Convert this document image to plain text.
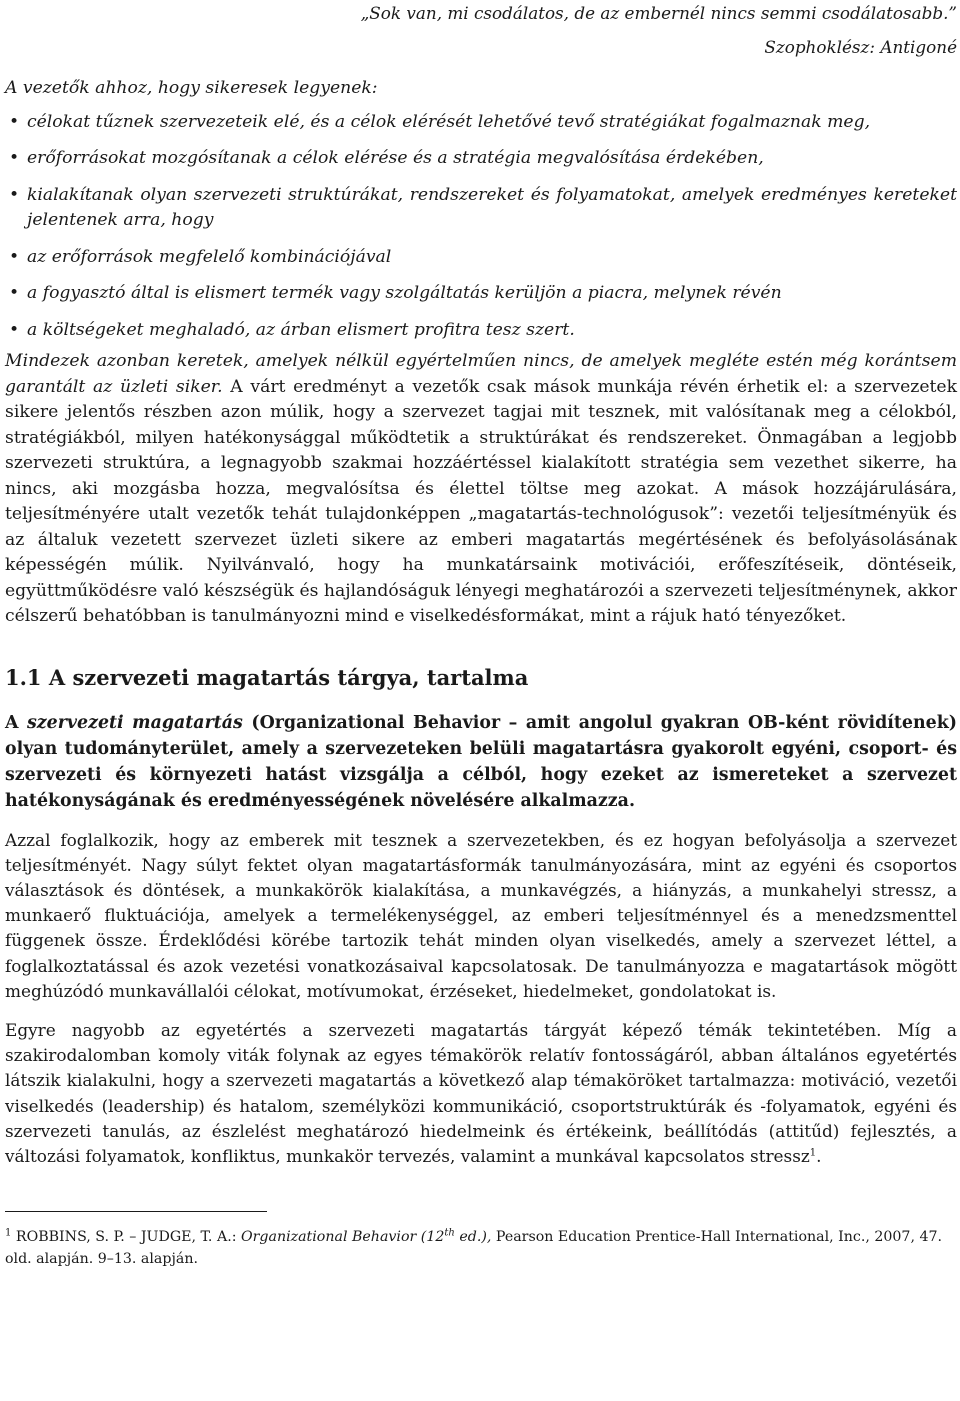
„Sok van, mi csodálatos, de az embernél nincs semmi csodálatosabb.”

Szophoklész: Antigoné

A vezetők ahhoz, hogy sikeresek legyenek:

• célokat tűznek szervezeteik elé, és a célok elérését lehetővé tevő stratégiákat fogalmaznak meg,
• erőforrásokat mozgósítanak a célok elérése és a stratégia megvalósítása érdekében,
• kialakítanak olyan szervezeti struktúrákat, rendszereket és folyamatokat, amelyek eredményes kereteket jelentenek arra, hogy
• az erőforrások megfelelő kombinációjával
• a fogyasztó által is elismert termék vagy szolgáltatás kerüljön a piacra, melynek révén
• a költségeket meghaladó, az árban elismert profitra tesz szert.

Mindezek azonban keretek, amelyek nélkül egyértelműen nincs, de amelyek megléte estén még korántsem garantált az üzleti siker. A várt eredményt a vezetők csak mások munkája révén érhetik el: a szervezetek sikere jelentős részben azon múlik, hogy a szervezet tagjai mit tesznek, mit valósítanak meg a célokból, stratégiákból, milyen hatékonysággal működtetik a struktúrákat és rendszereket. Önmagában a legjobb szervezeti struktúra, a legnagyobb szakmai hozzáértéssel kialakított stratégia sem vezethet sikerre, ha nincs, aki mozgásba hozza, megvalósítsa és élettel töltse meg azokat. A mások hozzájárulására, teljesítményére utalt vezetők tehát tulajdonképpen „magatartás-technológusok”: vezetői teljesítményük és az általuk vezetett szervezet üzleti sikere az emberi magatartás megértésének és befolyásolásának képességén múlik. Nyilvánvaló, hogy ha munkatársaink motivációi, erőfeszítéseik, döntéseik, együttműködésre való készségük és hajlandóságuk lényegi meghatározói a szervezeti teljesítménynek, akkor célszerű behatóbban is tanulmányozni mind e viselkedésformákat, mint a rájuk ható tényezőket.

1.1 A szervezeti magatartás tárgya, tartalma

A szervezeti magatartás (Organizational Behavior – amit angolul gyakran OB-ként rövidítenek) olyan tudományterület, amely a szervezeteken belüli magatartásra gyakorolt egyéni, csoport- és szervezeti és környezeti hatást vizsgálja a célból, hogy ezeket az ismereteket a szervezet hatékonyságának és eredményességének növelésére alkalmazza.

Azzal foglalkozik, hogy az emberek mit tesznek a szervezetekben, és ez hogyan befolyásolja a szervezet teljesítményét. Nagy súlyt fektet olyan magatartásformák tanulmányozására, mint az egyéni és csoportos választások és döntések, a munkakörök kialakítása, a munkavégzés, a hiányzás, a munkahelyi stressz, a munkaerő fluktuációja, amelyek a termelékenységgel, az emberi teljesítménnyel és a menedzsmenttel függenek össze. Érdeklődési körébe tartozik tehát minden olyan viselkedés, amely a szervezet léttel, a foglalkoztatással és azok vezetési vonatkozásaival kapcsolatosak. De tanulmányozza e magatartások mögött meghúzódó munkavállalói célokat, motívumokat, érzéseket, hiedelmeket, gondolatokat is.

Egyre nagyobb az egyetértés a szervezeti magatartás tárgyát képező témák tekintetében. Míg a szakirodalomban komoly viták folynak az egyes témakörök relatív fontosságáról, abban általános egyetértés látszik kialakulni, hogy a szervezeti magatartás a következő alap témaköröket tartalmazza: motiváció, vezetői viselkedés (leadership) és hatalom, személyközi kommunikáció, csoportstruktúrák és -folyamatok, egyéni és szervezeti tanulás, az észlelést meghatározó hiedelmeink és értékeink, beállítódás (attitűd) fejlesztés, a változási folyamatok, konfliktus, munkakör tervezés, valamint a munkával kapcsolatos stressz$^1$.

$^1$ ROBBINS, S. P. – JUDGE, T. A.: Organizational Behavior (12th ed.), Pearson Education Prentice-Hall International, Inc., 2007, 47. old. alapján. 9–13. alapján.
